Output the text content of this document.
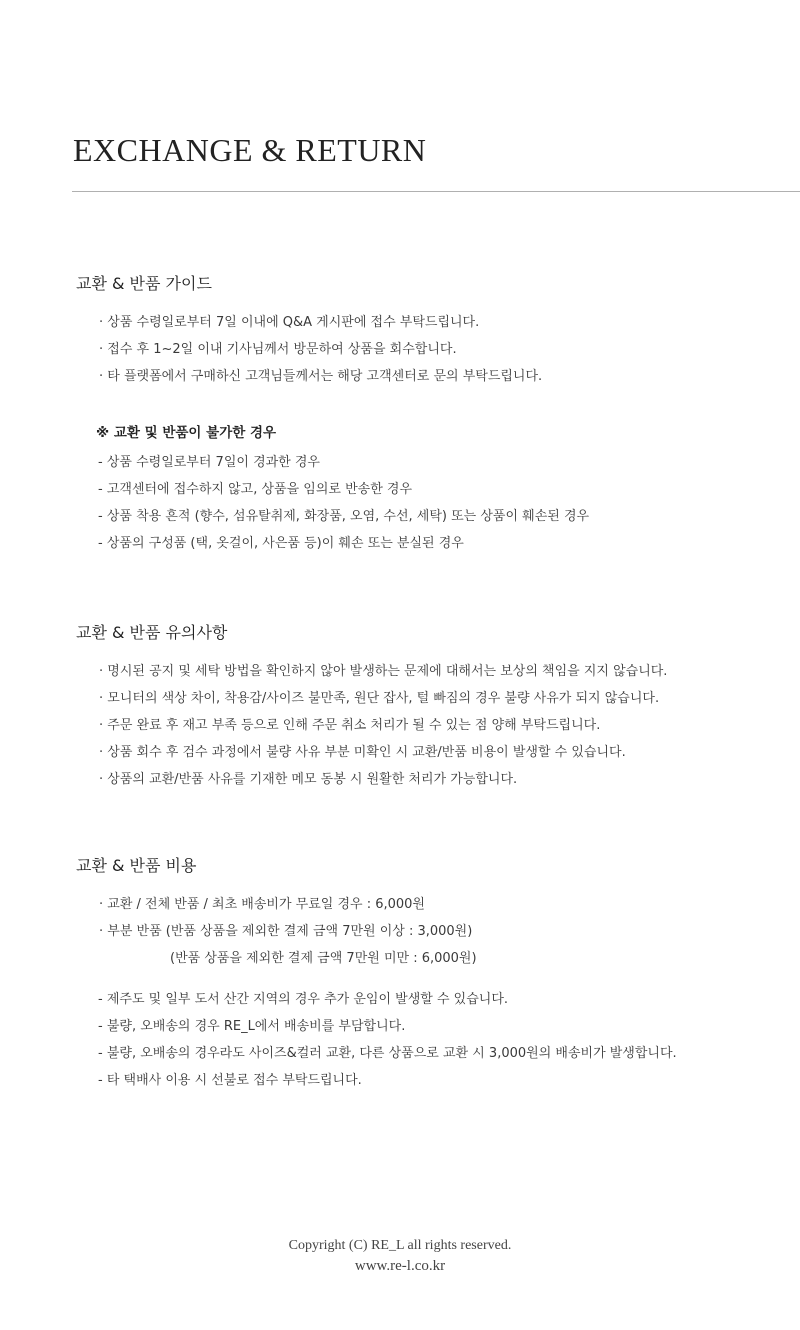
EXCHANGE & RETURN
교환 & 반품 가이드
· 상품 수령일로부터 7일 이내에 Q&A 게시판에 접수 부탁드립니다.
· 접수 후 1~2일 이내 기사님께서 방문하여 상품을 회수합니다.
· 타 플랫폼에서 구매하신 고객님들께서는 해당 고객센터로 문의 부탁드립니다.
※ 교환 및 반품이 불가한 경우
- 상품 수령일로부터 7일이 경과한 경우
- 고객센터에 접수하지 않고, 상품을 임의로 반송한 경우
- 상품 착용 흔적 (향수, 섬유탈취제, 화장품, 오염, 수선, 세탁) 또는 상품이 훼손된 경우
- 상품의 구성품 (택, 옷걸이, 사은품 등)이 훼손 또는 분실된 경우
교환 & 반품 유의사항
· 명시된 공지 및 세탁 방법을 확인하지 않아 발생하는 문제에 대해서는 보상의 책임을 지지 않습니다.
· 모니터의 색상 차이, 착용감/사이즈 불만족, 원단 잡사, 털 빠짐의 경우 불량 사유가 되지 않습니다.
· 주문 완료 후 재고 부족 등으로 인해 주문 취소 처리가 될 수 있는 점 양해 부탁드립니다.
· 상품 회수 후 검수 과정에서 불량 사유 부분 미확인 시 교환/반품 비용이 발생할 수 있습니다.
· 상품의 교환/반품 사유를 기재한 메모 동봉 시 원활한 처리가 가능합니다.
교환 & 반품 비용
· 교환 / 전체 반품 / 최초 배송비가 무료일 경우 : 6,000원
· 부분 반품 (반품 상품을 제외한 결제 금액 7만원 이상 : 3,000원)
(반품 상품을 제외한 결제 금액 7만원 미만 : 6,000원)
- 제주도 및 일부 도서 산간 지역의 경우 추가 운임이 발생할 수 있습니다.
- 불량, 오배송의 경우 RE_L에서 배송비를 부담합니다.
- 불량, 오배송의 경우라도 사이즈&컬러 교환, 다른 상품으로 교환 시 3,000원의 배송비가 발생합니다.
- 타 택배사 이용 시 선불로 접수 부탁드립니다.
Copyright (C) RE_L all rights reserved.
www.re-l.co.kr
